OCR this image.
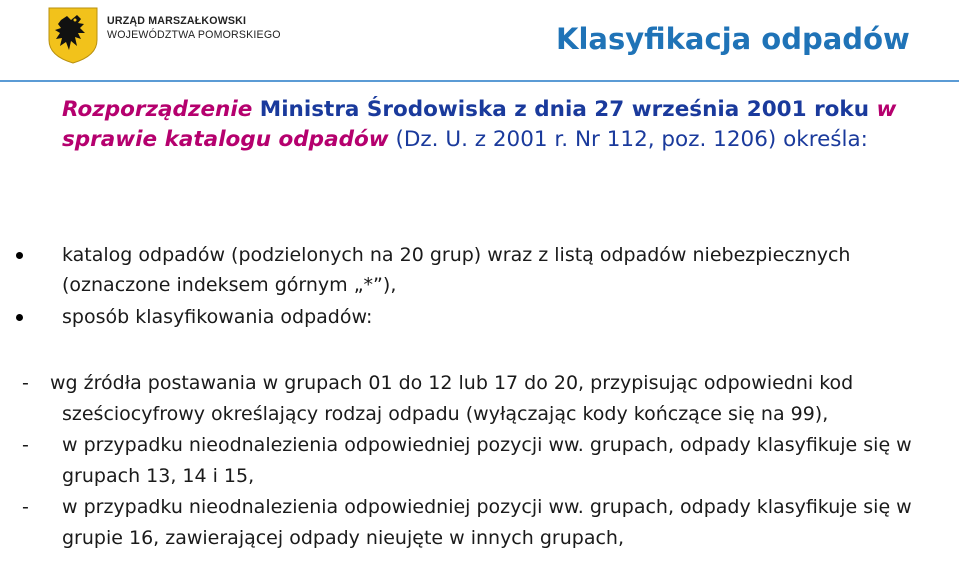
URZĄD MARSZAŁKOWSKI
WOJEWÓDZTWA POMORSKIEGO	Klasyfikacja odpadów

Rozporządzenie Ministra Środowiska z dnia 27 września 2001 roku w sprawie katalogu odpadów (Dz. U. z 2001 r. Nr 112, poz. 1206) określa:

katalog odpadów (podzielonych na 20 grup) wraz z listą odpadów niebezpiecznych (oznaczone indeksem górnym „*”),
sposób klasyfikowania odpadów:
- wg źródła postawania w grupach 01 do 12 lub 17 do 20, przypisując odpowiedni kod sześciocyfrowy określający rodzaj odpadu (wyłączając kody kończące się na 99),
- w przypadku nieodnalezienia odpowiedniej pozycji ww. grupach, odpady klasyfikuje się w grupach 13, 14 i 15,
- w przypadku nieodnalezienia odpowiedniej pozycji ww. grupach, odpady klasyfikuje się w grupie 16, zawierającej odpady nieujęte w innych grupach,
